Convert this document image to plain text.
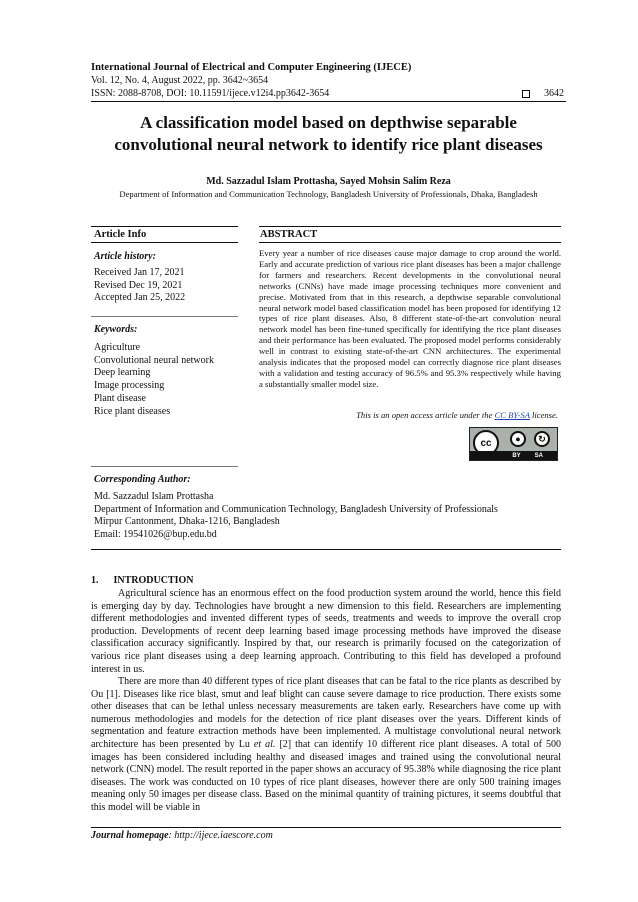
International Journal of Electrical and Computer Engineering (IJECE)
Vol. 12, No. 4, August 2022, pp. 3642~3654
ISSN: 2088-8708, DOI: 10.11591/ijece.v12i4.pp3642-3654	3642
A classification model based on depthwise separable convolutional neural network to identify rice plant diseases
Md. Sazzadul Islam Prottasha, Sayed Mohsin Salim Reza
Department of Information and Communication Technology, Bangladesh University of Professionals, Dhaka, Bangladesh
Article Info	ABSTRACT
Article history:
Received Jan 17, 2021
Revised Dec 19, 2021
Accepted Jan 25, 2022
Keywords:
Agriculture
Convolutional neural network
Deep learning
Image processing
Plant disease
Rice plant diseases
Every year a number of rice diseases cause major damage to crop around the world. Early and accurate prediction of various rice plant diseases has been a major challenge for farmers and researchers. Recent developments in the convolutional neural networks (CNNs) have made image processing techniques more convenient and precise. Motivated from that in this research, a depthwise separable convolutional neural network model based classification model has been proposed for identifying 12 types of rice plant diseases. Also, 8 different state-of-the-art convolution neural network model has been fine-tuned specifically for identifying the rice plant diseases and their performance has been evaluated. The proposed model performs considerably well in contrast to existing state-of-the-art CNN architectures. The experimental analysis indicates that the proposed model can correctly diagnose rice plant diseases with a validation and testing accuracy of 96.5% and 95.3% respectively while having a substantially smaller model size.
This is an open access article under the CC BY-SA license.
cc	●	↻
BY SA
Corresponding Author:
Md. Sazzadul Islam Prottasha
Department of Information and Communication Technology, Bangladesh University of Professionals
Mirpur Cantonment, Dhaka-1216, Bangladesh
Email: 19541026@bup.edu.bd
1.      INTRODUCTION
Agricultural science has an enormous effect on the food production system around the world, hence this field is emerging day by day. Technologies have brought a new dimension to this field. Researchers are implementing different methodologies and invented different types of seeds, treatments and weeds to improve the overall crop production. Developments of recent deep learning based image processing methods have improved the disease classification accuracy significantly. Inspired by that, our research is primarily focused on the categorization of various rice plant diseases using a deep learning approach. Contributing to this field has developed a profound interest in us.
There are more than 40 different types of rice plant diseases that can be fatal to the rice plants as described by Ou [1]. Diseases like rice blast, smut and leaf blight can cause severe damage to rice production. There exists some other diseases that can be lethal unless necessary measurements are taken early. Researchers have come up with numerous methodologies and models for the detection of rice plant diseases over the years. Different kinds of segmentation and feature extraction methods have been implemented. A multistage convolutional neural network architecture has been presented by Lu et al. [2] that can identify 10 different rice plant diseases. A total of 500 images has been considered including healthy and diseased images and trained using the convolutional neural network (CNN) model. The result reported in the paper shows an accuracy of 95.38% while diagnosing the rice plant diseases. The work was conducted on 10 types of rice plant diseases, however there are only 500 training images meaning only 50 images per disease class. Based on the minimal quantity of training pictures, it seems doubtful that this model will be viable in
Journal homepage: http://ijece.iaescore.com
